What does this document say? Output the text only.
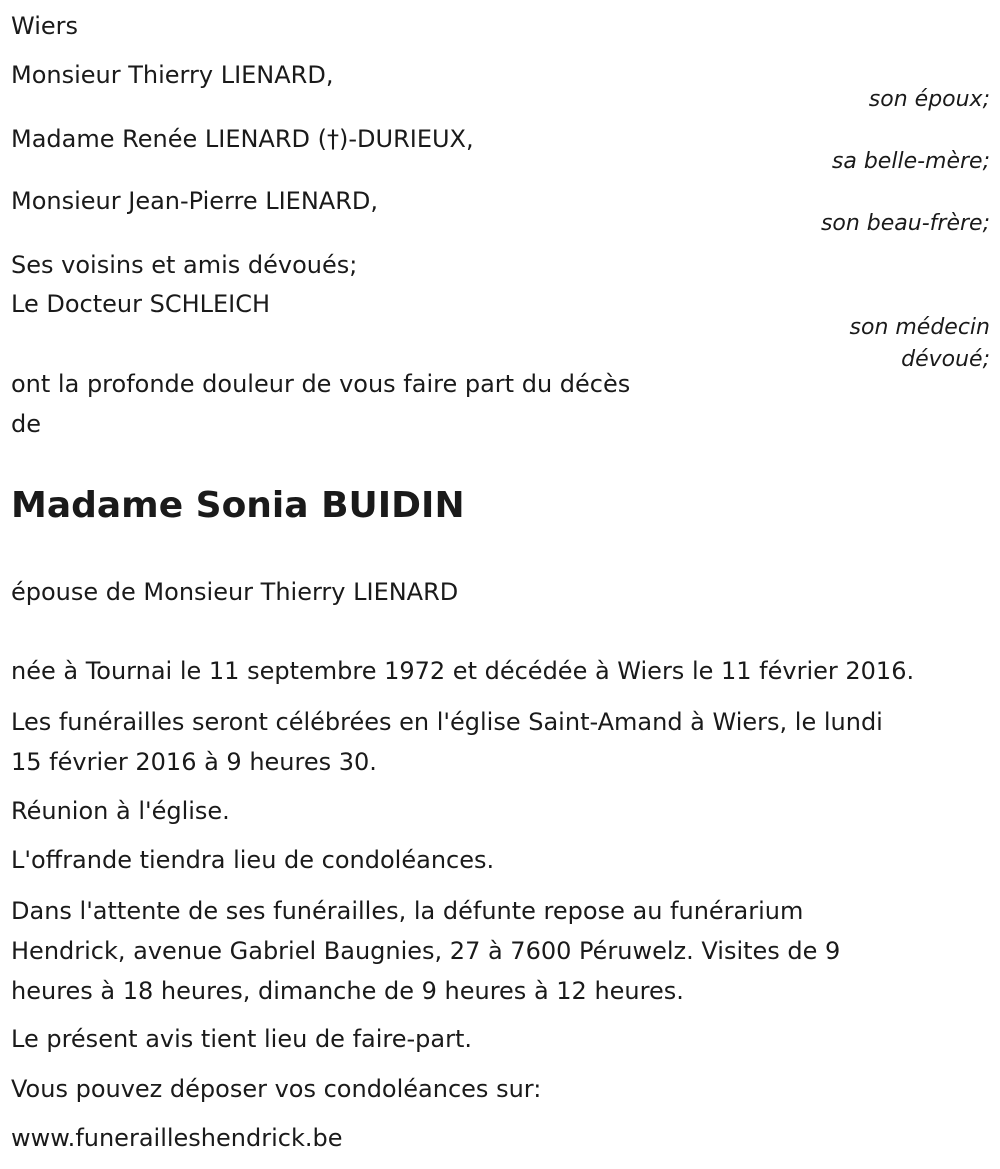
Wiers

Monsieur Thierry LIENARD,

son époux;

Madame Renée LIENARD (†)-DURIEUX,

sa belle-mère;

Monsieur Jean-Pierre LIENARD,

son beau-frère;

Ses voisins et amis dévoués;

Le Docteur SCHLEICH

son médecin
dévoué;

ont la profonde douleur de vous faire part du décès

de

Madame Sonia BUIDIN

épouse de Monsieur Thierry LIENARD

née à Tournai le 11 septembre 1972 et décédée à Wiers le 11 février 2016.

Les funérailles seront célébrées en l'église Saint-Amand à Wiers, le lundi
15 février 2016 à 9 heures 30.

Réunion à l'église.

L'offrande tiendra lieu de condoléances.

Dans l'attente de ses funérailles, la défunte repose au funérarium
Hendrick, avenue Gabriel Baugnies, 27 à 7600 Péruwelz. Visites de 9
heures à 18 heures, dimanche de 9 heures à 12 heures.

Le présent avis tient lieu de faire-part.

Vous pouvez déposer vos condoléances sur:

www.funerailleshendrick.be
